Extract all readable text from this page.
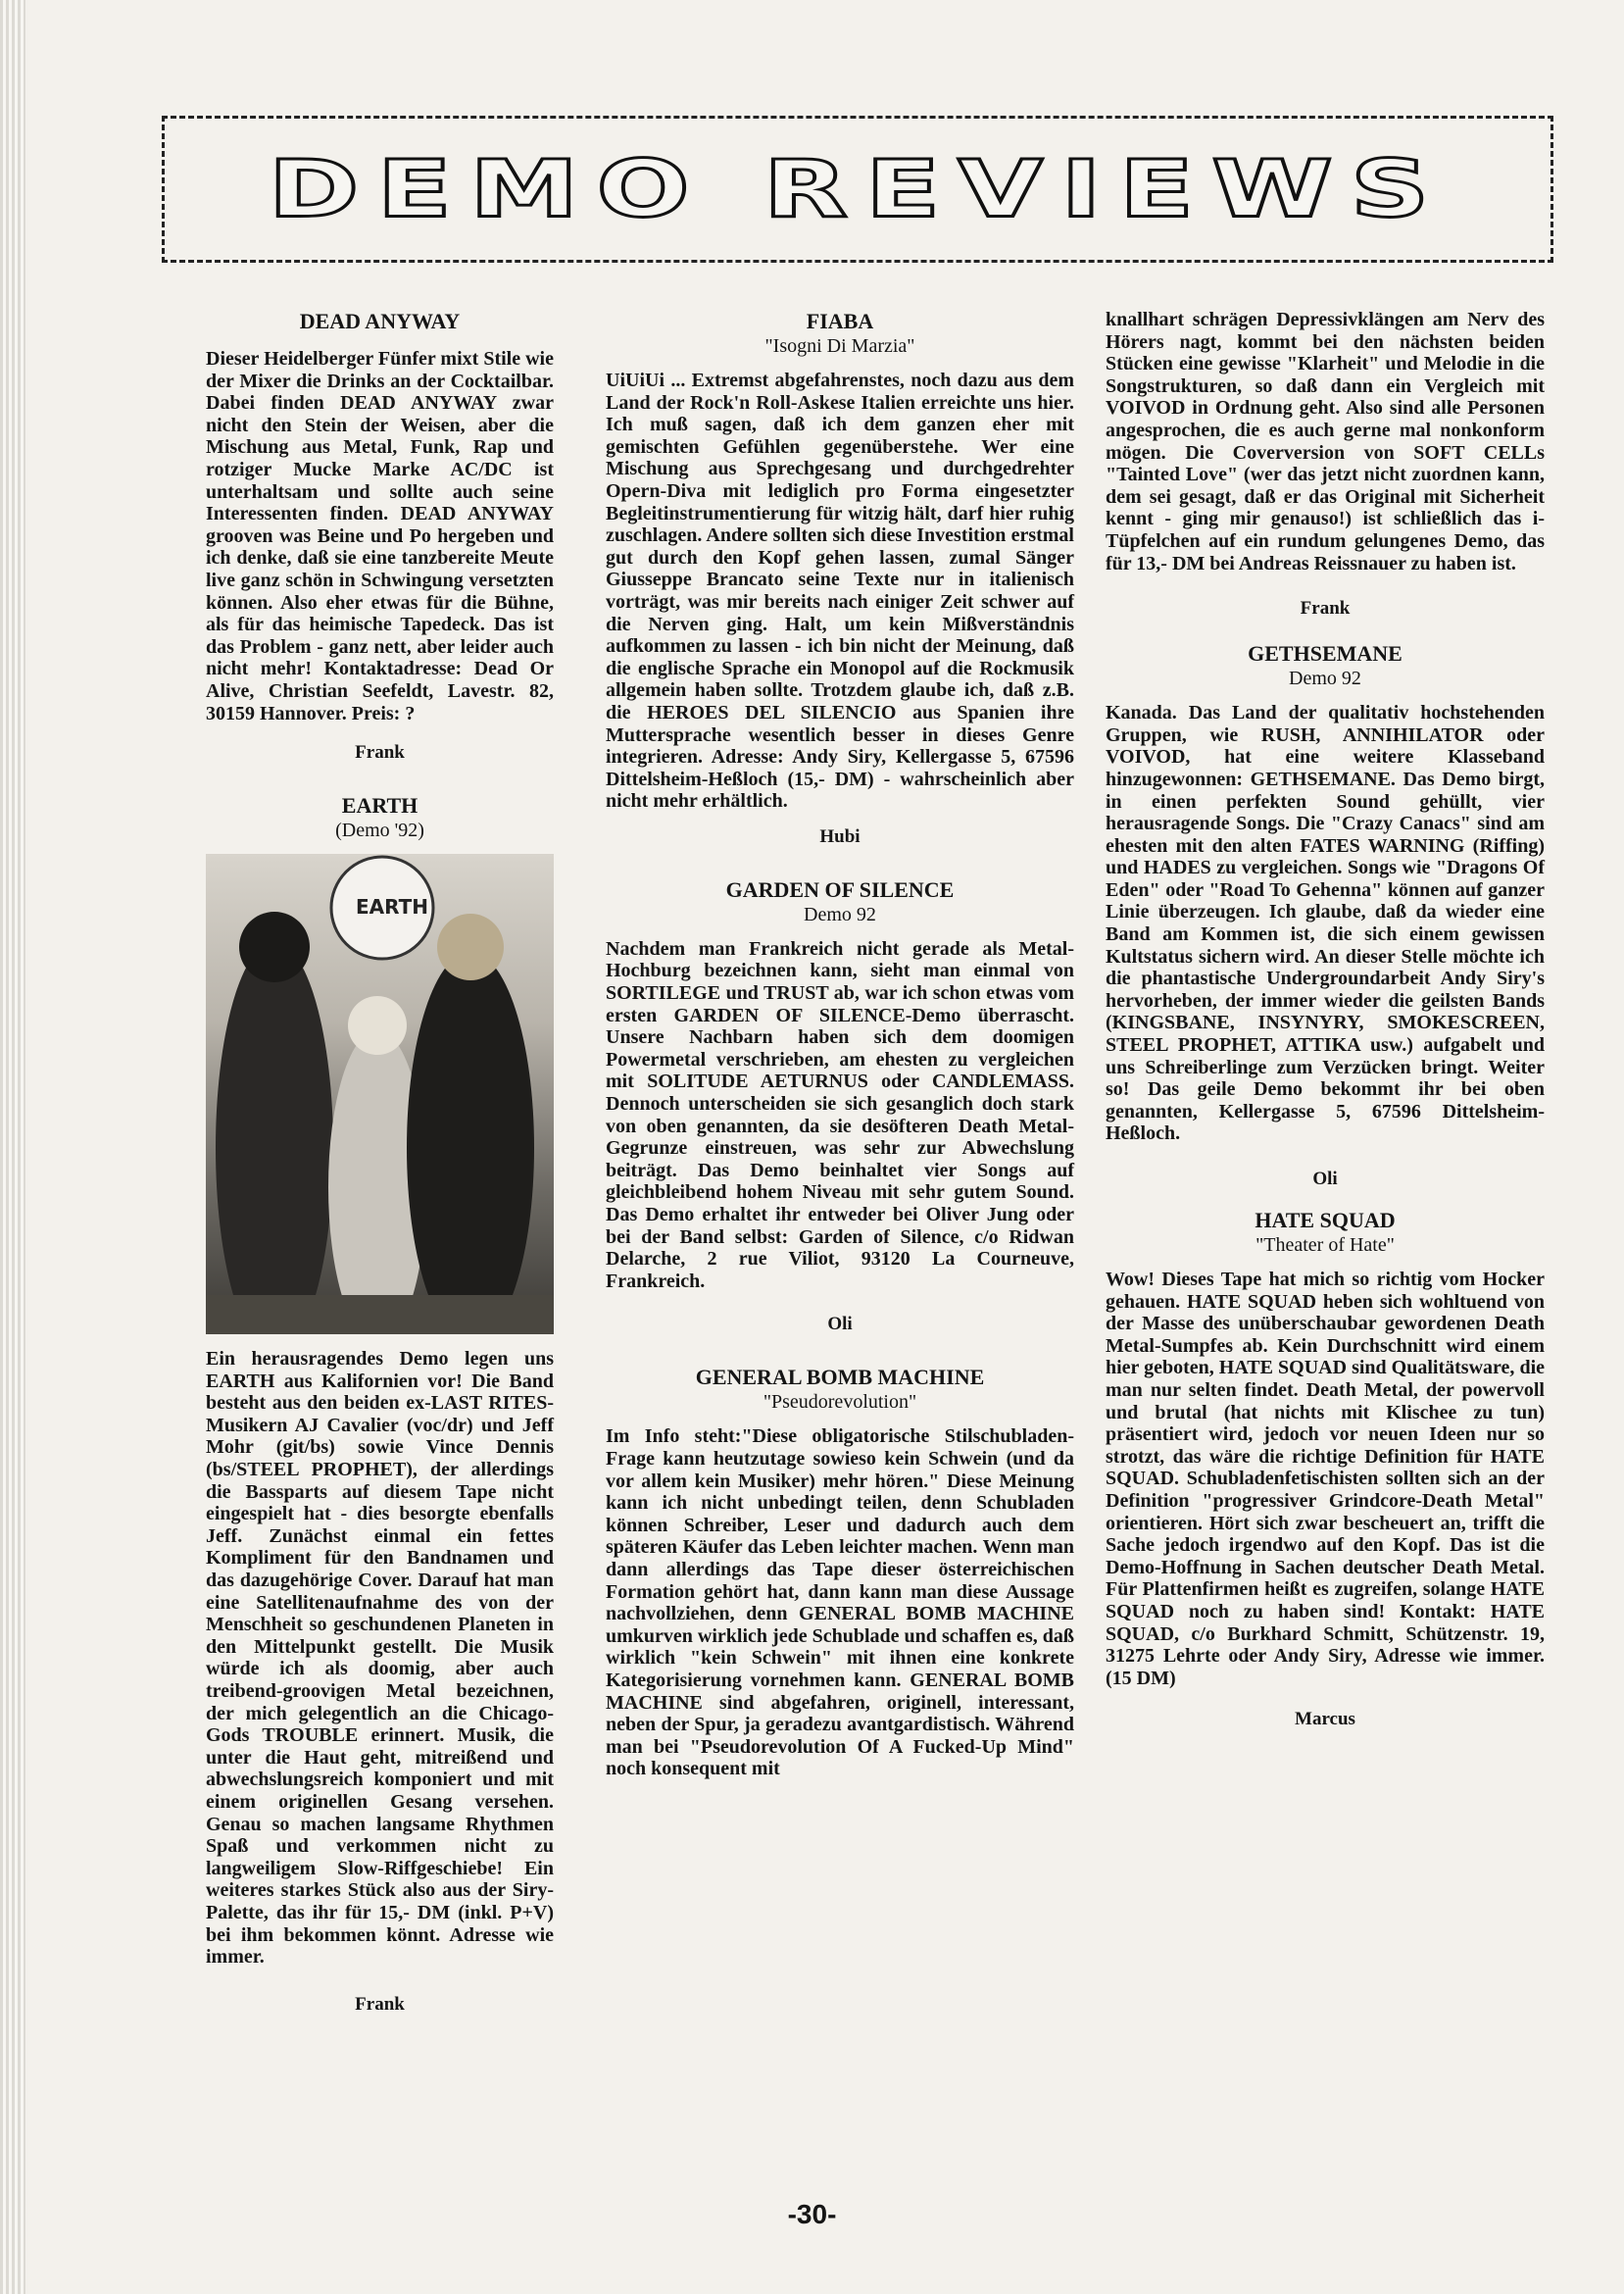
DEMO REVIEWS
DEAD ANYWAY

Dieser Heidelberger Fünfer mixt Stile wie der Mixer die Drinks an der Cocktailbar. Dabei finden DEAD ANYWAY zwar nicht den Stein der Weisen, aber die Mischung aus Metal, Funk, Rap und rotziger Mucke Marke AC/DC ist unterhaltsam und sollte auch seine Interessenten finden. DEAD ANYWAY grooven was Beine und Po hergeben und ich denke, daß sie eine tanzbereite Meute live ganz schön in Schwingung versetzten können. Also eher etwas für die Bühne, als für das heimische Tapedeck. Das ist das Problem - ganz nett, aber leider auch nicht mehr! Kontaktadresse: Dead Or Alive, Christian Seefeldt, Lavestr. 82, 30159 Hannover. Preis: ?

Frank

EARTH

(Demo '92)

EARTH

Ein herausragendes Demo legen uns EARTH aus Kalifornien vor! Die Band besteht aus den beiden ex-LAST RITES-Musikern AJ Cavalier (voc/dr) und Jeff Mohr (git/bs) sowie Vince Dennis (bs/STEEL PROPHET), der allerdings die Bassparts auf diesem Tape nicht eingespielt hat - dies besorgte ebenfalls Jeff. Zunächst einmal ein fettes Kompliment für den Bandnamen und das dazugehörige Cover. Darauf hat man eine Satellitenaufnahme des von der Menschheit so geschundenen Planeten in den Mittelpunkt gestellt. Die Musik würde ich als doomig, aber auch treibend-groovigen Metal bezeichnen, der mich gelegentlich an die Chicago-Gods TROUBLE erinnert. Musik, die unter die Haut geht, mitreißend und abwechslungsreich komponiert und mit einem originellen Gesang versehen. Genau so machen langsame Rhythmen Spaß und verkommen nicht zu langweiligem Slow-Riffgeschiebe! Ein weiteres starkes Stück also aus der Siry-Palette, das ihr für 15,- DM (inkl. P+V) bei ihm bekommen könnt. Adresse wie immer.

Frank

FIABA

"Isogni Di Marzia"

UiUiUi ... Extremst abgefahrenstes, noch dazu aus dem Land der Rock'n Roll-Askese Italien erreichte uns hier. Ich muß sagen, daß ich dem ganzen eher mit gemischten Gefühlen gegenüberstehe. Wer eine Mischung aus Sprechgesang und durchgedrehter Opern-Diva mit lediglich pro Forma eingesetzter Begleitinstrumentierung für witzig hält, darf hier ruhig zuschlagen. Andere sollten sich diese Investition erstmal gut durch den Kopf gehen lassen, zumal Sänger Giusseppe Brancato seine Texte nur in italienisch vorträgt, was mir bereits nach einiger Zeit schwer auf die Nerven ging. Halt, um kein Mißverständnis aufkommen zu lassen - ich bin nicht der Meinung, daß die englische Sprache ein Monopol auf die Rockmusik allgemein haben sollte. Trotzdem glaube ich, daß z.B. die HEROES DEL SILENCIO aus Spanien ihre Muttersprache wesentlich besser in dieses Genre integrieren. Adresse: Andy Siry, Kellergasse 5, 67596 Dittelsheim-Heßloch (15,- DM) - wahrscheinlich aber nicht mehr erhältlich.

Hubi

GARDEN OF SILENCE

Demo 92

Nachdem man Frankreich nicht gerade als Metal-Hochburg bezeichnen kann, sieht man einmal von SORTILEGE und TRUST ab, war ich schon etwas vom ersten GARDEN OF SILENCE-Demo überrascht. Unsere Nachbarn haben sich dem doomigen Powermetal verschrieben, am ehesten zu vergleichen mit SOLITUDE AETURNUS oder CANDLEMASS. Dennoch unterscheiden sie sich gesanglich doch stark von oben genannten, da sie desöfteren Death Metal-Gegrunze einstreuen, was sehr zur Abwechslung beiträgt. Das Demo beinhaltet vier Songs auf gleichbleibend hohem Niveau mit sehr gutem Sound. Das Demo erhaltet ihr entweder bei Oliver Jung oder bei der Band selbst: Garden of Silence, c/o Ridwan Delarche, 2 rue Viliot, 93120 La Courneuve, Frankreich.

Oli

GENERAL BOMB MACHINE

"Pseudorevolution"

Im Info steht:"Diese obligatorische Stilschubladen-Frage kann heutzutage sowieso kein Schwein (und da vor allem kein Musiker) mehr hören." Diese Meinung kann ich nicht unbedingt teilen, denn Schubladen können Schreiber, Leser und dadurch auch dem späteren Käufer das Leben leichter machen. Wenn man dann allerdings das Tape dieser österreichischen Formation gehört hat, dann kann man diese Aussage nachvollziehen, denn GENERAL BOMB MACHINE umkurven wirklich jede Schublade und schaffen es, daß wirklich "kein Schwein" mit ihnen eine konkrete Kategorisierung vornehmen kann. GENERAL BOMB MACHINE sind abgefahren, originell, interessant, neben der Spur, ja geradezu avantgardistisch. Während man bei "Pseudorevolution Of A Fucked-Up Mind" noch konsequent mit

knallhart schrägen Depressivklängen am Nerv des Hörers nagt, kommt bei den nächsten beiden Stücken eine gewisse "Klarheit" und Melodie in die Songstrukturen, so daß dann ein Vergleich mit VOIVOD in Ordnung geht. Also sind alle Personen angesprochen, die es auch gerne mal nonkonform mögen. Die Coverversion von SOFT CELLs "Tainted Love" (wer das jetzt nicht zuordnen kann, dem sei gesagt, daß er das Original mit Sicherheit kennt - ging mir genauso!) ist schließlich das i-Tüpfelchen auf ein rundum gelungenes Demo, das für 13,- DM bei Andreas Reissnauer zu haben ist.

Frank

GETHSEMANE

Demo 92

Kanada. Das Land der qualitativ hochstehenden Gruppen, wie RUSH, ANNIHILATOR oder VOIVOD, hat eine weitere Klasseband hinzugewonnen: GETHSEMANE. Das Demo birgt, in einen perfekten Sound gehüllt, vier herausragende Songs. Die "Crazy Canacs" sind am ehesten mit den alten FATES WARNING (Riffing) und HADES zu vergleichen. Songs wie "Dragons Of Eden" oder "Road To Gehenna" können auf ganzer Linie überzeugen. Ich glaube, daß da wieder eine Band am Kommen ist, die sich einem gewissen Kultstatus sichern wird. An dieser Stelle möchte ich die phantastische Undergroundarbeit Andy Siry's hervorheben, der immer wieder die geilsten Bands (KINGSBANE, INSYNYRY, SMOKESCREEN, STEEL PROPHET, ATTIKA usw.) aufgabelt und uns Schreiberlinge zum Verzücken bringt. Weiter so! Das geile Demo bekommt ihr bei oben genannten, Kellergasse 5, 67596 Dittelsheim-Heßloch.

Oli

HATE SQUAD

"Theater of Hate"

Wow! Dieses Tape hat mich so richtig vom Hocker gehauen. HATE SQUAD heben sich wohltuend von der Masse des unüberschaubar gewordenen Death Metal-Sumpfes ab. Kein Durchschnitt wird einem hier geboten, HATE SQUAD sind Qualitätsware, die man nur selten findet. Death Metal, der powervoll und brutal (hat nichts mit Klischee zu tun) präsentiert wird, jedoch vor neuen Ideen nur so strotzt, das wäre die richtige Definition für HATE SQUAD. Schubladenfetischisten sollten sich an der Definition "progressiver Grindcore-Death Metal" orientieren. Hört sich zwar bescheuert an, trifft die Sache jedoch irgendwo auf den Kopf. Das ist die Demo-Hoffnung in Sachen deutscher Death Metal. Für Plattenfirmen heißt es zugreifen, solange HATE SQUAD noch zu haben sind! Kontakt: HATE SQUAD, c/o Burkhard Schmitt, Schützenstr. 19, 31275 Lehrte oder Andy Siry, Adresse wie immer. (15 DM)

Marcus

-30-
